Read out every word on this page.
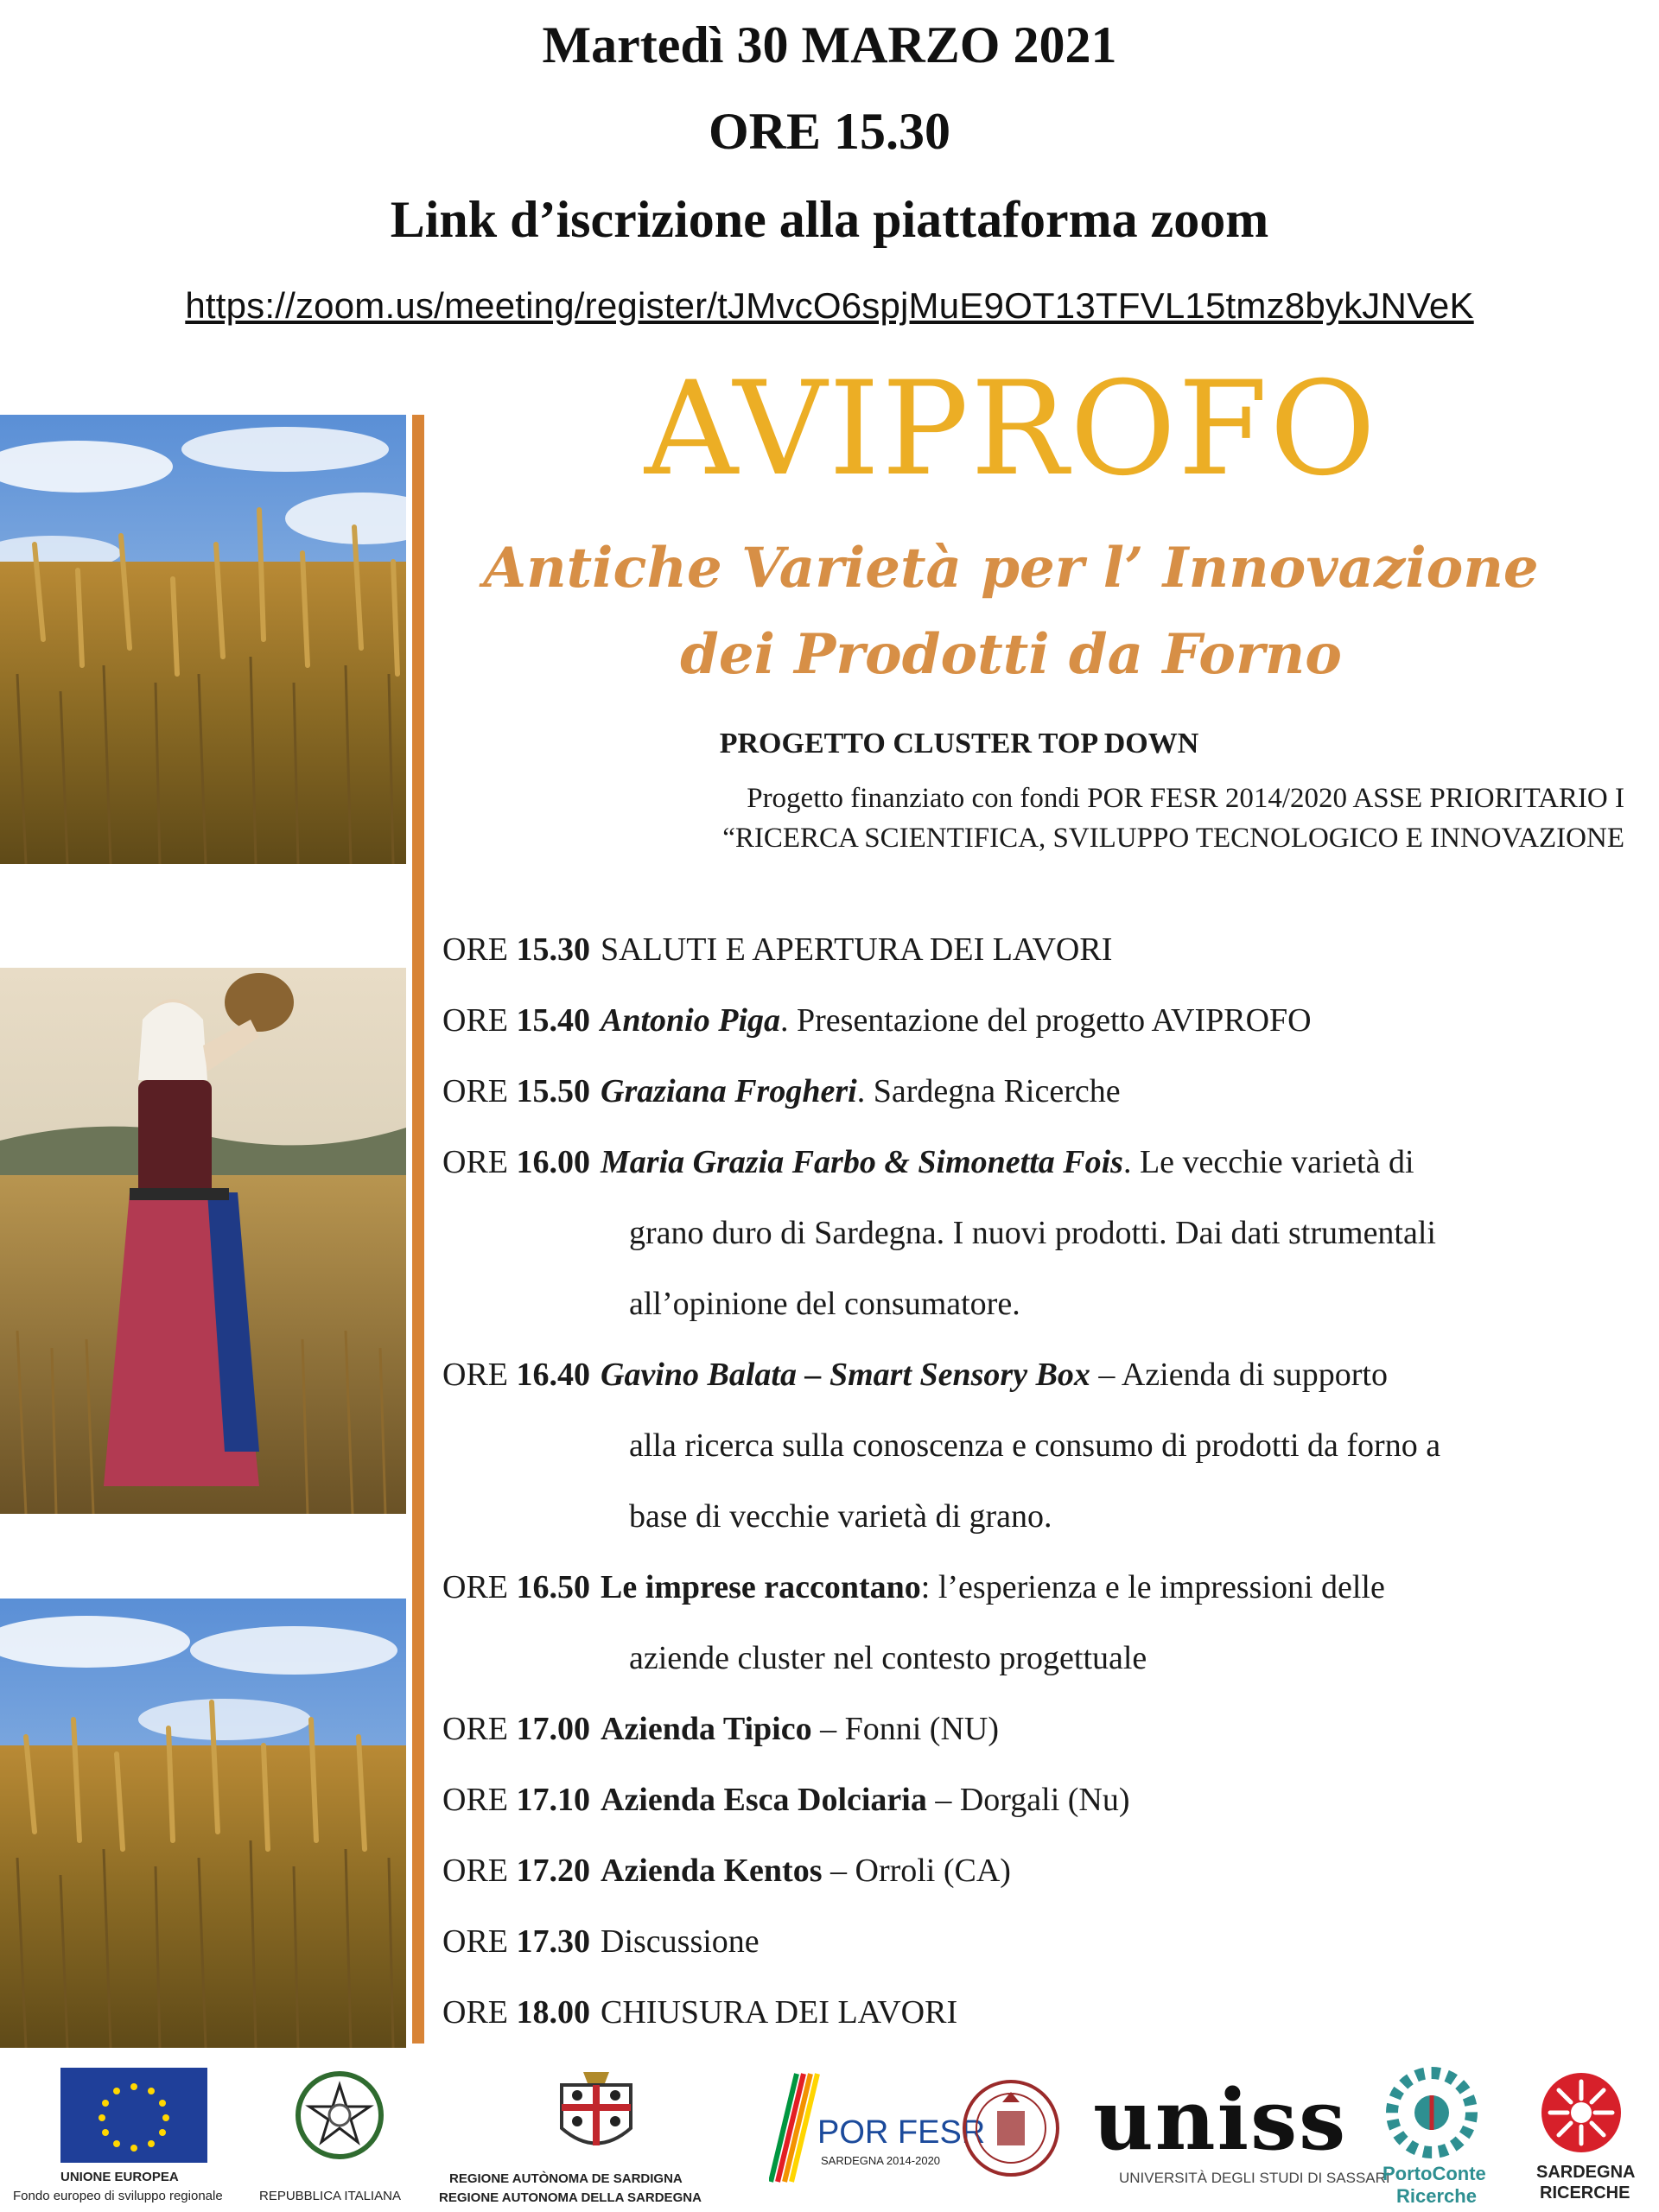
Martedì 30 MARZO 2021
ORE 15.30
Link d’iscrizione alla piattaforma zoom
https://zoom.us/meeting/register/tJMvcO6spjMuE9OT13TFVL15tmz8bykJNVeK
AVIPROFO
Antiche Varietà per l’ Innovazione
dei Prodotti da Forno
PROGETTO CLUSTER TOP DOWN
Progetto finanziato con fondi POR FESR 2014/2020 ASSE PRIORITARIO I
“RICERCA SCIENTIFICA, SVILUPPO TECNOLOGICO E INNOVAZIONE
ORE 15.30 SALUTI E APERTURA DEI LAVORI
ORE 15.40 Antonio Piga. Presentazione del progetto AVIPROFO
ORE 15.50 Graziana Frogheri. Sardegna Ricerche
ORE 16.00 Maria Grazia Farbo & Simonetta Fois. Le vecchie varietà di
grano duro di Sardegna. I nuovi prodotti. Dai dati strumentali
all’opinione del consumatore.
ORE 16.40 Gavino Balata – Smart Sensory Box – Azienda di supporto
alla ricerca sulla conoscenza e consumo di prodotti da forno a
base di vecchie varietà di grano.
ORE 16.50 Le imprese raccontano: l’esperienza e le impressioni delle
aziende cluster nel contesto progettuale
ORE 17.00 Azienda Tipico – Fonni (NU)
ORE 17.10 Azienda Esca Dolciaria – Dorgali (Nu)
ORE 17.20 Azienda Kentos – Orroli (CA)
ORE 17.30 Discussione
ORE 18.00 CHIUSURA DEI LAVORI
UNIONE EUROPEA
Fondo europeo di sviluppo regionale	REPUBBLICA ITALIANA
REGIONE AUTÒNOMA DE SARDIGNA
REGIONE AUTONOMA DELLA SARDEGNA
POR FESR
SARDEGNA 2014-2020 uniss
UNIVERSITÀ DEGLI STUDI DI SASSARI
PortoConte
Ricerche
SARDEGNA
RICERCHE
